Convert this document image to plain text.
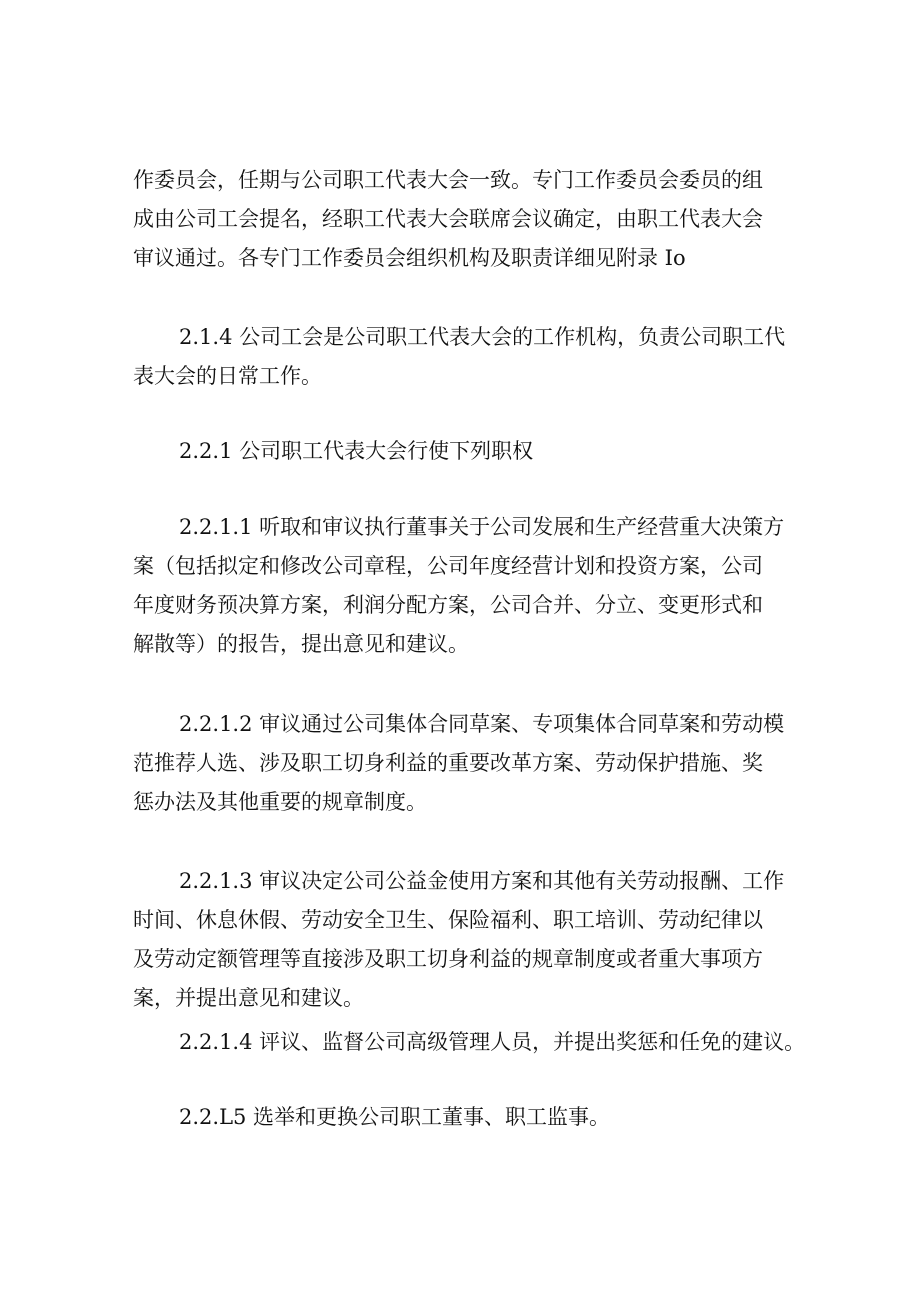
作委员会，任期与公司职工代表大会一致。专门工作委员会委员的组
成由公司工会提名，经职工代表大会联席会议确定，由职工代表大会
审议通过。各专门工作委员会组织机构及职责详细见附录 Io
2.1.4 公司工会是公司职工代表大会的工作机构，负责公司职工代
表大会的日常工作。
2.2.1 公司职工代表大会行使下列职权
2.2.1.1 听取和审议执行董事关于公司发展和生产经营重大决策方
案（包括拟定和修改公司章程，公司年度经营计划和投资方案，公司
年度财务预决算方案，利润分配方案，公司合并、分立、变更形式和
解散等）的报告，提出意见和建议。
2.2.1.2 审议通过公司集体合同草案、专项集体合同草案和劳动模
范推荐人选、涉及职工切身利益的重要改革方案、劳动保护措施、奖
惩办法及其他重要的规章制度。
2.2.1.3 审议决定公司公益金使用方案和其他有关劳动报酬、工作
时间、休息休假、劳动安全卫生、保险福利、职工培训、劳动纪律以
及劳动定额管理等直接涉及职工切身利益的规章制度或者重大事项方
案，并提出意见和建议。
2.2.1.4 评议、监督公司高级管理人员，并提出奖惩和任免的建议。
2.2.L5 选举和更换公司职工董事、职工监事。
